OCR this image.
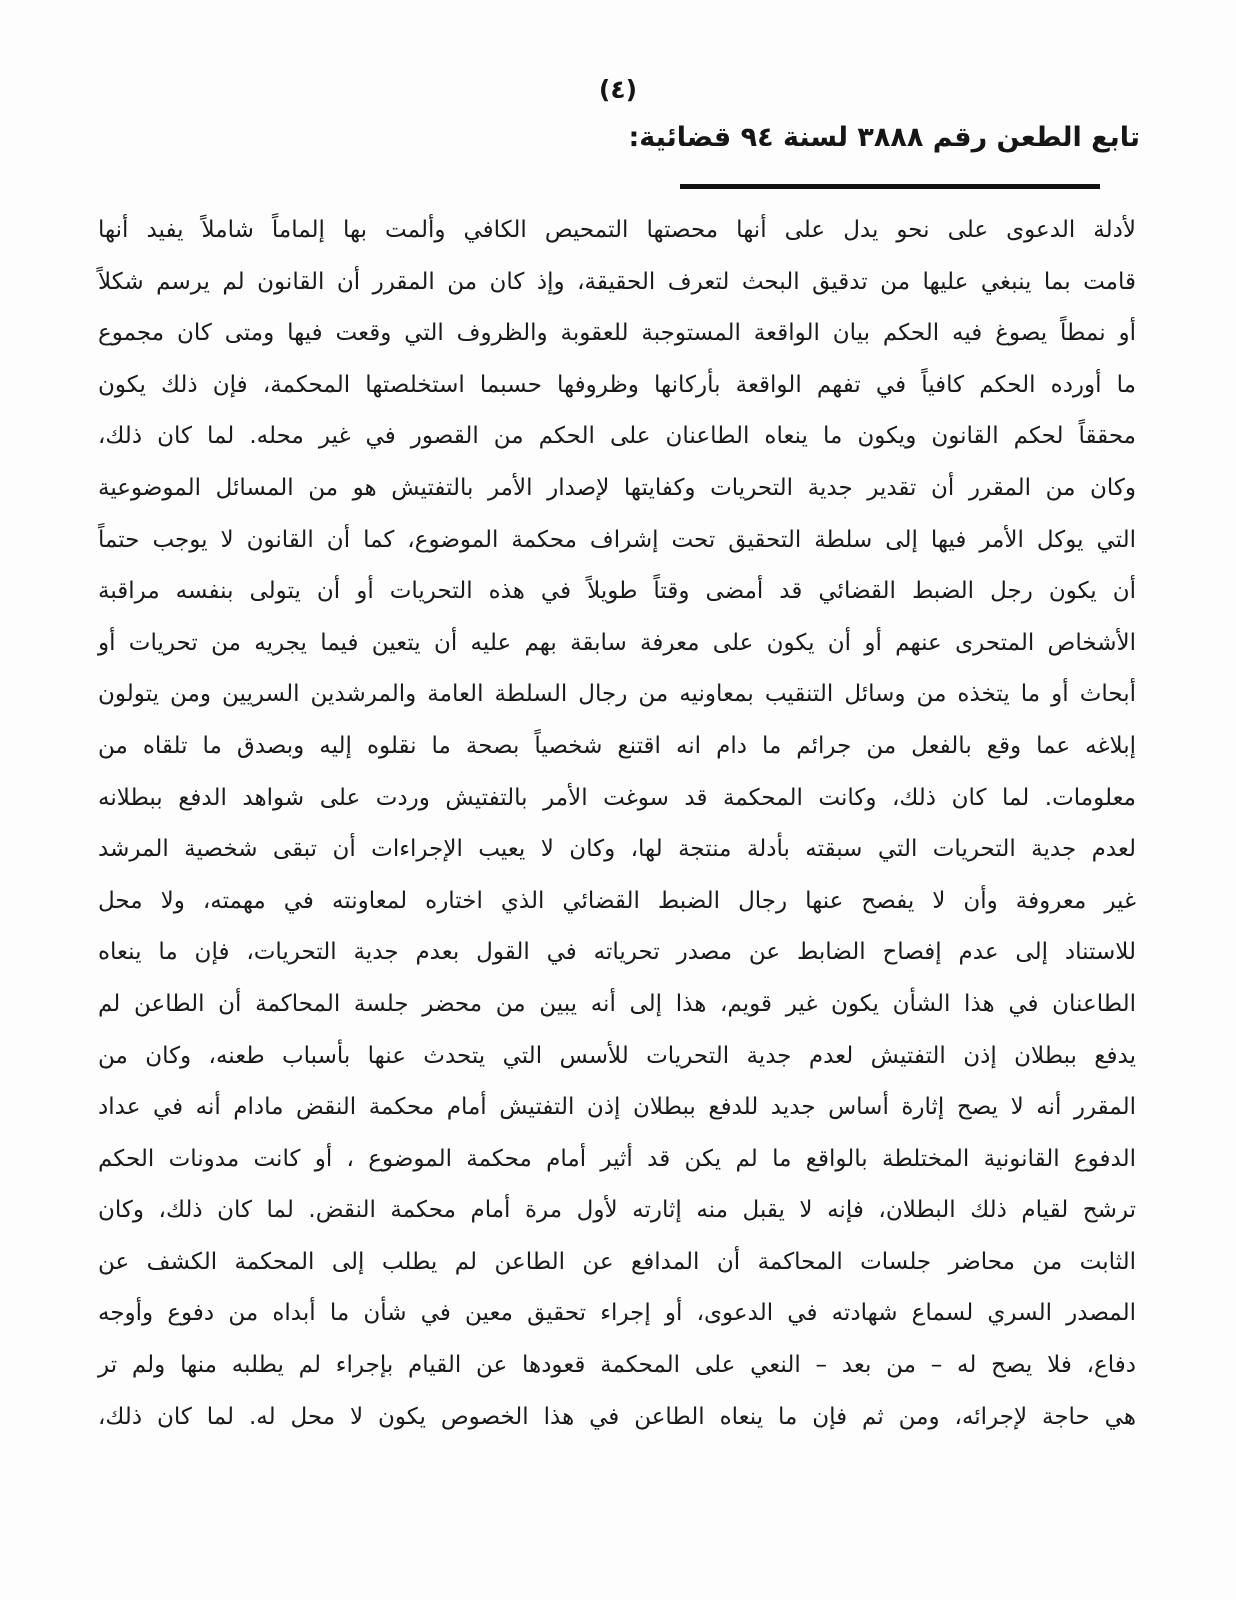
(٤)
تابع الطعن رقم ٣٨٨٨ لسنة ٩٤ قضائية:
لأدلة الدعوى على نحو يدل على أنها محصتها التمحيص الكافي وألمت بها إلماماً شاملاً يفيد أنها
قامت بما ينبغي عليها من تدقيق البحث لتعرف الحقيقة، وإذ كان من المقرر أن القانون لم يرسم شكلاً
أو نمطاً يصوغ فيه الحكم بيان الواقعة المستوجبة للعقوبة والظروف التي وقعت فيها ومتى كان مجموع
ما أورده الحكم كافياً في تفهم الواقعة بأركانها وظروفها حسبما استخلصتها المحكمة، فإن ذلك يكون
محققاً لحكم القانون ويكون ما ينعاه الطاعنان على الحكم من القصور في غير محله. لما كان ذلك،
وكان من المقرر أن تقدير جدية التحريات وكفايتها لإصدار الأمر بالتفتيش هو من المسائل الموضوعية
التي يوكل الأمر فيها إلى سلطة التحقيق تحت إشراف محكمة الموضوع، كما أن القانون لا يوجب حتماً
أن يكون رجل الضبط القضائي قد أمضى وقتاً طويلاً في هذه التحريات أو أن يتولى بنفسه مراقبة
الأشخاص المتحرى عنهم أو أن يكون على معرفة سابقة بهم عليه أن يتعين فيما يجريه من تحريات أو
أبحاث أو ما يتخذه من وسائل التنقيب بمعاونيه من رجال السلطة العامة والمرشدين السريين ومن يتولون
إبلاغه عما وقع بالفعل من جرائم ما دام انه اقتنع شخصياً بصحة ما نقلوه إليه وبصدق ما تلقاه من
معلومات. لما كان ذلك، وكانت المحكمة قد سوغت الأمر بالتفتيش وردت على شواهد الدفع ببطلانه
لعدم جدية التحريات التي سبقته بأدلة منتجة لها، وكان لا يعيب الإجراءات أن تبقى شخصية المرشد
غير معروفة وأن لا يفصح عنها رجال الضبط القضائي الذي اختاره لمعاونته في مهمته، ولا محل
للاستناد إلى عدم إفصاح الضابط عن مصدر تحرياته في القول بعدم جدية التحريات، فإن ما ينعاه
الطاعنان في هذا الشأن يكون غير قويم، هذا إلى أنه يبين من محضر جلسة المحاكمة أن الطاعن لم
يدفع ببطلان إذن التفتيش لعدم جدية التحريات للأسس التي يتحدث عنها بأسباب طعنه، وكان من
المقرر أنه لا يصح إثارة أساس جديد للدفع ببطلان إذن التفتيش أمام محكمة النقض مادام أنه في عداد
الدفوع القانونية المختلطة بالواقع ما لم يكن قد أثير أمام محكمة الموضوع ، أو كانت مدونات الحكم
ترشح لقيام ذلك البطلان، فإنه لا يقبل منه إثارته لأول مرة أمام محكمة النقض. لما كان ذلك، وكان
الثابت من محاضر جلسات المحاكمة أن المدافع عن الطاعن لم يطلب إلى المحكمة الكشف عن
المصدر السري لسماع شهادته في الدعوى، أو إجراء تحقيق معين في شأن ما أبداه من دفوع وأوجه
دفاع، فلا يصح له – من بعد – النعي على المحكمة قعودها عن القيام بإجراء لم يطلبه منها ولم تر
هي حاجة لإجرائه، ومن ثم فإن ما ينعاه الطاعن في هذا الخصوص يكون لا محل له. لما كان ذلك،
